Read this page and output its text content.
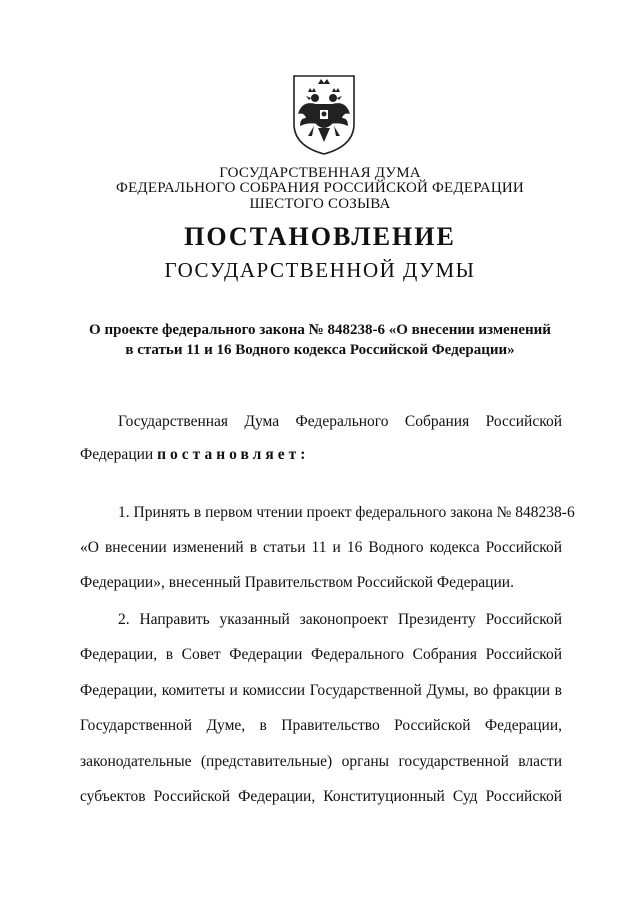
ГОСУДАРСТВЕННАЯ ДУМА
ФЕДЕРАЛЬНОГО СОБРАНИЯ РОССИЙСКОЙ ФЕДЕРАЦИИ
ШЕСТОГО СОЗЫВА
ПОСТАНОВЛЕНИЕ
ГОСУДАРСТВЕННОЙ ДУМЫ
О проекте федерального закона № 848238-6 «О внесении изменений
в статьи 11 и 16 Водного кодекса Российской Федерации»
Государственная Дума Федерального Собрания Российской
Федерации постановляет:
1. Принять в первом чтении проект федерального закона № 848238-6
«О внесении изменений в статьи 11 и 16 Водного кодекса Российской
Федерации», внесенный Правительством Российской Федерации.
2. Направить указанный законопроект Президенту Российской
Федерации, в Совет Федерации Федерального Собрания Российской
Федерации, комитеты и комиссии Государственной Думы, во фракции в
Государственной Думе, в Правительство Российской Федерации,
законодательные (представительные) органы государственной власти
субъектов Российской Федерации, Конституционный Суд Российской
